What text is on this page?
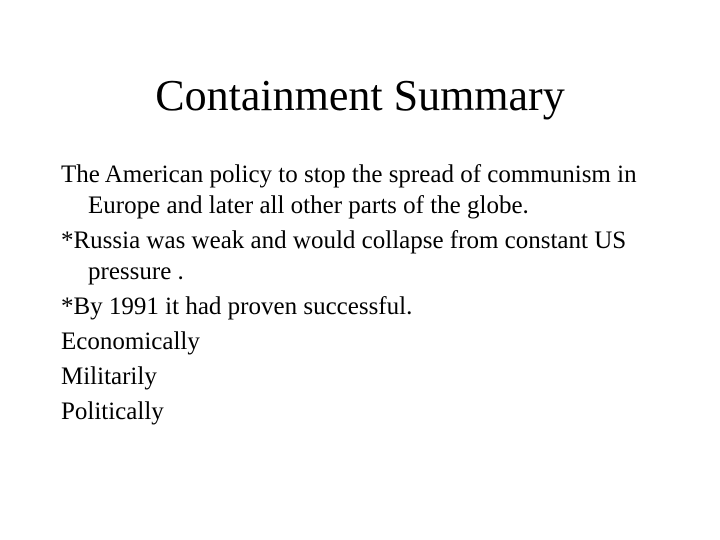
Containment Summary
The American policy to stop the spread of communism in Europe and later all other parts of the globe.
*Russia was weak and would collapse from constant US pressure .
*By 1991 it had proven successful.
Economically
Militarily
Politically
